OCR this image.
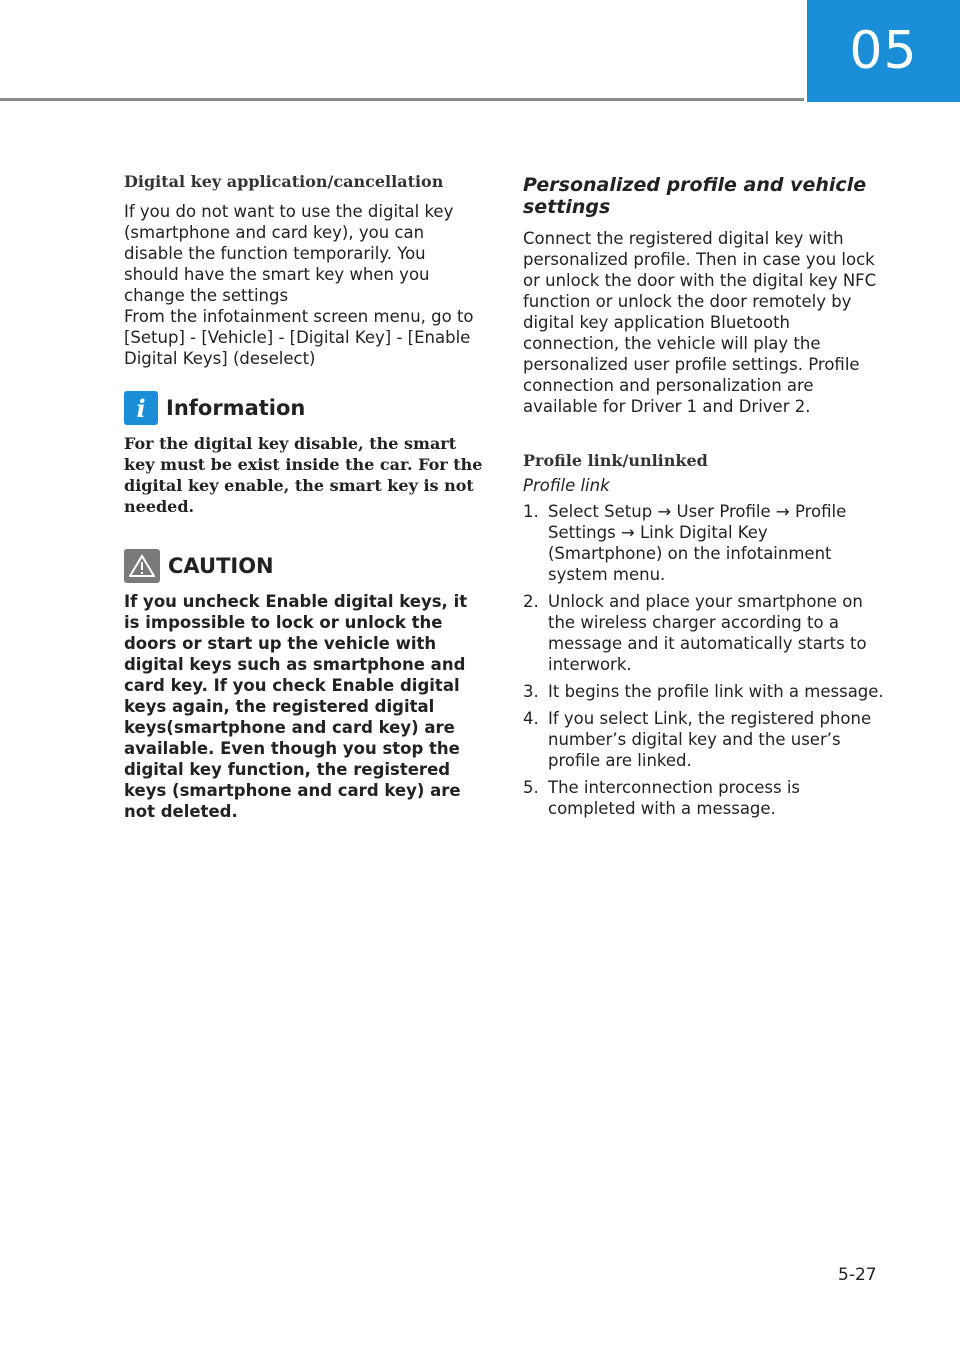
05

Digital key application/cancellation

If you do not want to use the digital key (smartphone and card key), you can disable the function temporarily. You should have the smart key when you change the settings
From the infotainment screen menu, go to [Setup] - [Vehicle] - [Digital Key] - [Enable Digital Keys] (deselect)

i Information

For the digital key disable, the smart key must be exist inside the car. For the digital key enable, the smart key is not needed.

CAUTION

If you uncheck Enable digital keys, it is impossible to lock or unlock the doors or start up the vehicle with digital keys such as smartphone and card key. If you check Enable digital keys again, the registered digital keys(smartphone and card key) are available. Even though you stop the digital key function, the registered keys (smartphone and card key) are not deleted.

Personalized profile and vehicle settings

Connect the registered digital key with personalized profile. Then in case you lock or unlock the door with the digital key NFC function or unlock the door remotely by digital key application Bluetooth connection, the vehicle will play the personalized user profile settings. Profile connection and personalization are available for Driver 1 and Driver 2.

Profile link/unlinked

Profile link

1. Select Setup → User Profile → Profile Settings → Link Digital Key (Smartphone) on the infotainment system menu.
2. Unlock and place your smartphone on the wireless charger according to a message and it automatically starts to interwork.
3. It begins the profile link with a message.
4. If you select Link, the registered phone number’s digital key and the user’s profile are linked.
5. The interconnection process is completed with a message.
5-27
